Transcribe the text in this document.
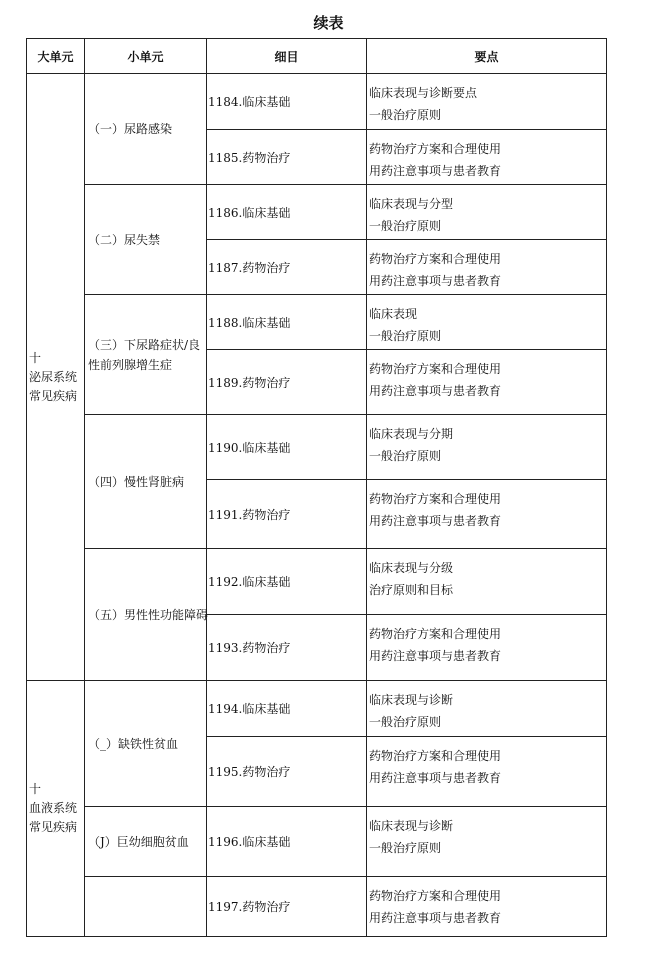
续表
大单元	小单元	细目	要点

十
泌尿系统
常见疾病	（一）尿路感染	1184.临床基础	临床表现与诊断要点
一般治疗原则

		1185.药物治疗	药物治疗方案和合理使用
用药注意事项与患者教育

	（二）尿失禁	1186.临床基础	临床表现与分型
一般治疗原则

		1187.药物治疗	药物治疗方案和合理使用
用药注意事项与患者教育

	（三）下尿路症状/良
性前列腺增生症	1188.临床基础	临床表现
一般治疗原则

		1189.药物治疗	药物治疗方案和合理使用
用药注意事项与患者教育

	（四）慢性肾脏病	1190.临床基础	临床表现与分期
一般治疗原则

		1191.药物治疗	药物治疗方案和合理使用
用药注意事项与患者教育

	（五）男性性功能障碍	1192.临床基础	临床表现与分级
治疗原则和目标

		1193.药物治疗	药物治疗方案和合理使用
用药注意事项与患者教育

十
血液系统
常见疾病	（_）缺铁性贫血	1194.临床基础	临床表现与诊断
一般治疗原则

		1195.药物治疗	药物治疗方案和合理使用
用药注意事项与患者教育

	（J）巨幼细胞贫血	1196.临床基础	临床表现与诊断
一般治疗原则

		1197.药物治疗	药物治疗方案和合理使用
用药注意事项与患者教育
